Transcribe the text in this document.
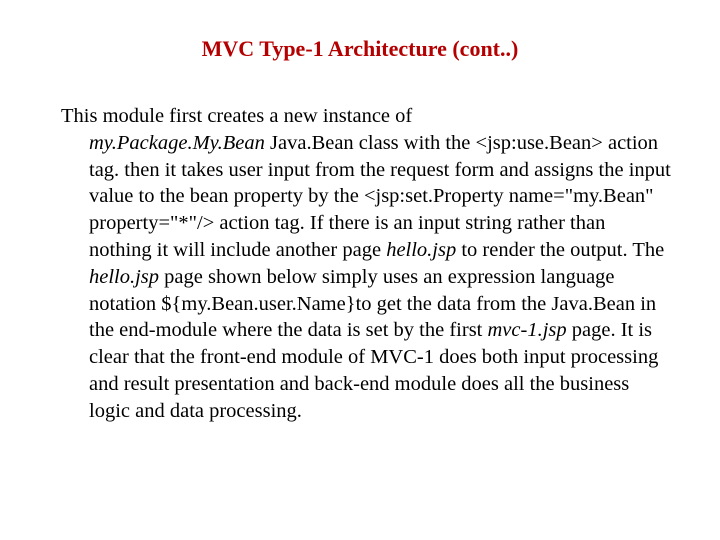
MVC Type-1 Architecture (cont..)
This module first creates a new instance of
my.Package.My.Bean Java.Bean class with the <jsp:use.Bean> action tag. then it takes user input from the request form and assigns the input value to the bean property by the <jsp:set.Property name="my.Bean" property="*"/> action tag. If there is an input string rather than nothing it will include another page hello.jsp to render the output. The hello.jsp page shown below simply uses an expression language notation ${my.Bean.user.Name}to get the data from the Java.Bean in the end-module where the data is set by the first mvc-1.jsp page. It is clear that the front-end module of MVC-1 does both input processing and result presentation and back-end module does all the business logic and data processing.
